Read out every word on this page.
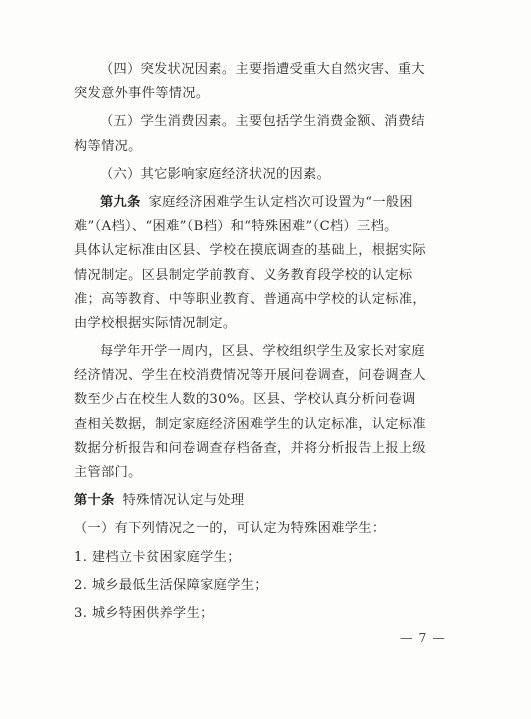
（四）突发状况因素。主要指遭受重大自然灾害、重大
突发意外事件等情况。
（五）学生消费因素。主要包括学生消费金额、消费结
构等情况。
（六）其它影响家庭经济状况的因素。
第九条 家庭经济困难学生认定档次可设置为“一般困
难”（A档）、“困难”（B档）和“特殊困难”（C档）三档。
具体认定标准由区县、学校在摸底调查的基础上，根据实际
情况制定。区县制定学前教育、义务教育段学校的认定标
准；高等教育、中等职业教育、普通高中学校的认定标准，
由学校根据实际情况制定。
每学年开学一周内，区县、学校组织学生及家长对家庭
经济情况、学生在校消费情况等开展问卷调查，问卷调查人
数至少占在校生人数的30%。区县、学校认真分析问卷调
查相关数据，制定家庭经济困难学生的认定标准，认定标准
数据分析报告和问卷调查存档备查，并将分析报告上报上级
主管部门。
第十条 特殊情况认定与处理
（一）有下列情况之一的，可认定为特殊困难学生：
1. 建档立卡贫困家庭学生；
2. 城乡最低生活保障家庭学生；
3. 城乡特困供养学生；
— 7 —
